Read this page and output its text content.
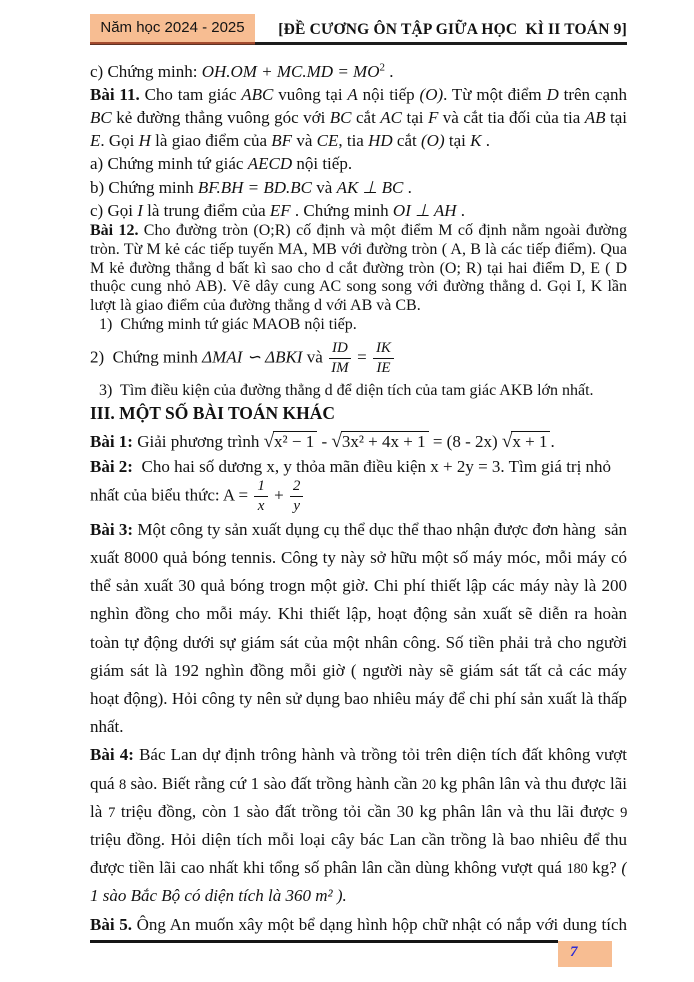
Năm học 2024 - 2025	[ĐỀ CƯƠNG ÔN TẬP GIỮA HỌC  KÌ II TOÁN 9]
c) Chứng minh: $OH.OM + MC.MD = MO^2$ .
Bài 11. Cho tam giác ABC vuông tại A nội tiếp (O). Từ một điểm D trên cạnh BC kẻ đường thẳng vuông góc với BC cắt AC tại F và cắt tia đối của tia AB tại E. Gọi H là giao điểm của BF và CE, tia HD cắt (O) tại K .
a) Chứng minh tứ giác AECD nội tiếp.
b) Chứng minh BF.BH = BD.BC và AK ⊥ BC .
c) Gọi I là trung điểm của EF . Chứng minh OI ⊥ AH .
Bài 12. Cho đường tròn (O;R) cố định và một điểm M cố định nằm ngoài đường tròn. Từ M kẻ các tiếp tuyến MA, MB với đường tròn ( A, B là các tiếp điểm). Qua M kẻ đường thẳng d bất kì sao cho d cắt đường tròn (O; R) tại hai điểm D, E ( D thuộc cung nhỏ AB). Vẽ dây cung AC song song với đường thẳng d. Gọi I, K lần lượt là giao điểm của đường thẳng d với AB và CB.
1)  Chứng minh tứ giác MAOB nội tiếp.
2)  Chứng minh ΔMAI ∽ ΔBKI và $\frac{ID}{IM} = \frac{IK}{IE}$
3)  Tìm điều kiện của đường thẳng d để diện tích của tam giác AKB lớn nhất.
III. MỘT SỐ BÀI TOÁN KHÁC
Bài 1: Giải phương trình √x² − 1 - √3x² + 4x + 1 = (8 - 2x) √x + 1 .
Bài 2:  Cho hai số dương x, y thỏa mãn điều kiện x + 2y = 3. Tìm giá trị nhỏ nhất của biểu thức: $A = \frac{1}{x} + \frac{2}{y}$
Bài 3: Một công ty sản xuất dụng cụ thể dục thể thao nhận được đơn hàng  sản xuất 8000 quả bóng tennis. Công ty này sở hữu một số máy móc, mỗi máy có thể sản xuất 30 quả bóng trogn một giờ. Chi phí thiết lập các máy này là 200 nghìn đồng cho mỗi máy. Khi thiết lập, hoạt động sản xuất sẽ diễn ra hoàn toàn tự động dưới sự giám sát của một nhân công. Số tiền phải trả cho người giám sát là 192 nghìn đồng mỗi giờ ( người này sẽ giám sát tất cả các máy hoạt động). Hỏi công ty nên sử dụng bao nhiêu máy để chi phí sản xuất là thấp nhất.
Bài 4: Bác Lan dự định trông hành và trồng tỏi trên diện tích đất không vượt quá 8 sào. Biết rằng cứ 1 sào đất trồng hành cần 20 kg phân lân và thu được lãi là 7 triệu đồng, còn 1 sào đất trồng tỏi cần 30 kg phân lân và thu lãi được 9 triệu đồng. Hỏi diện tích mỗi loại cây bác Lan cần trồng là bao nhiêu để thu được tiền lãi cao nhất khi tổng số phân lân cần dùng không vượt quá 180 kg? ( 1 sào Bắc Bộ có diện tích là 360 m² ).
Bài 5. Ông An muốn xây một bể dạng hình hộp chữ nhật có nắp với dung tích
7
